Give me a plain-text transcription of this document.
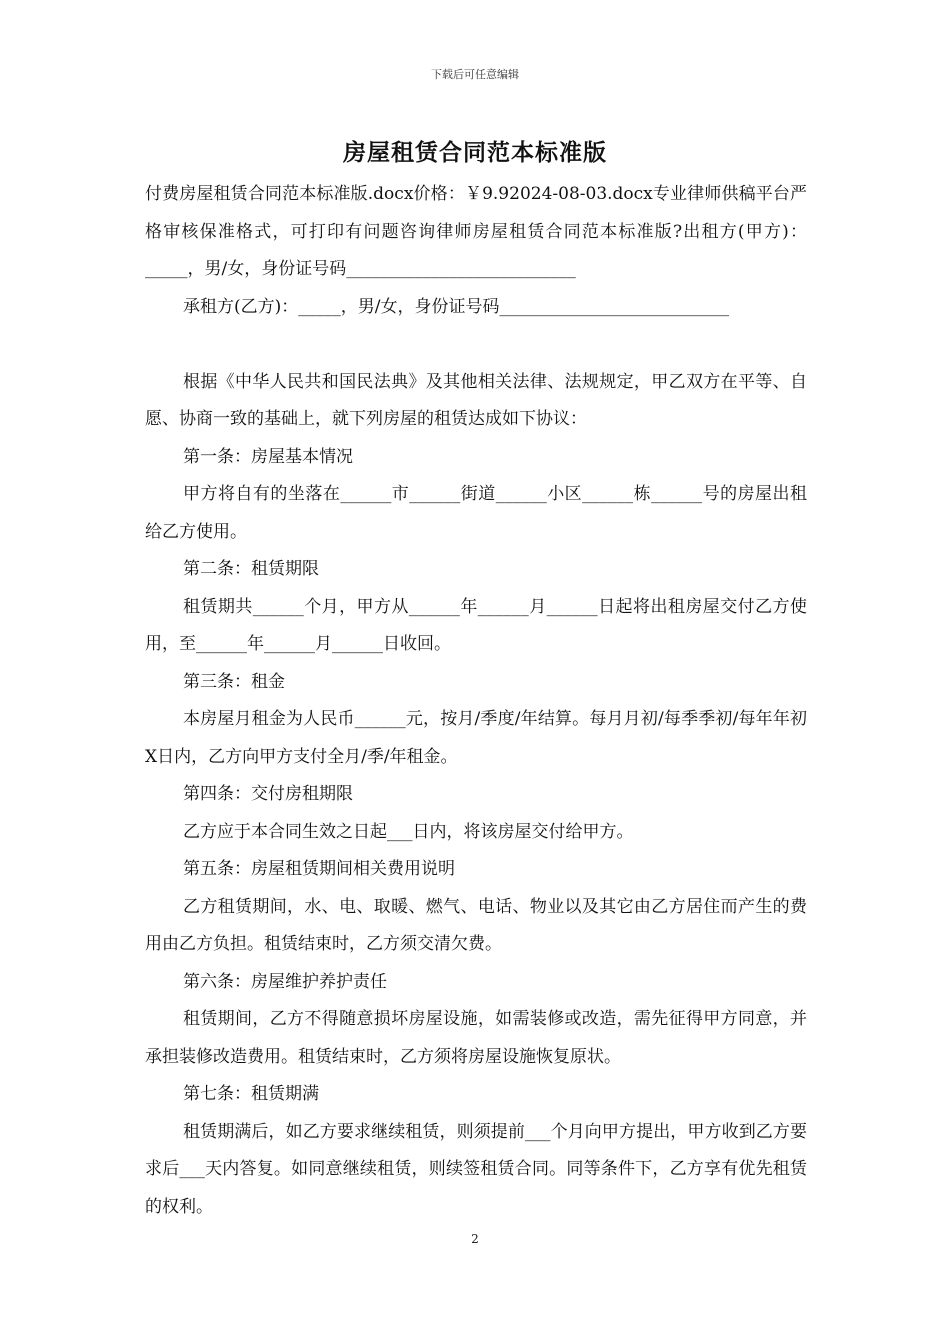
下载后可任意编辑
房屋租赁合同范本标准版

付费房屋租赁合同范本标准版.docx价格：￥9.92024-08-03.docx专业律师供稿平台严格审核保准格式，可打印有问题咨询律师房屋租赁合同范本标准版?出租方(甲方)：_____，男/女，身份证号码___________________________

承租方(乙方)：_____，男/女，身份证号码___________________________

根据《中华人民共和国民法典》及其他相关法律、法规规定，甲乙双方在平等、自愿、协商一致的基础上，就下列房屋的租赁达成如下协议：

第一条：房屋基本情况

甲方将自有的坐落在______市______街道______小区______栋______号的房屋出租给乙方使用。

第二条：租赁期限

租赁期共______个月，甲方从______年______月______日起将出租房屋交付乙方使用，至______年______月______日收回。

第三条：租金

本房屋月租金为人民币______元，按月/季度/年结算。每月月初/每季季初/每年年初X日内，乙方向甲方支付全月/季/年租金。

第四条：交付房租期限

乙方应于本合同生效之日起___日内，将该房屋交付给甲方。

第五条：房屋租赁期间相关费用说明

乙方租赁期间，水、电、取暖、燃气、电话、物业以及其它由乙方居住而产生的费用由乙方负担。租赁结束时，乙方须交清欠费。

第六条：房屋维护养护责任

租赁期间，乙方不得随意损坏房屋设施，如需装修或改造，需先征得甲方同意，并承担装修改造费用。租赁结束时，乙方须将房屋设施恢复原状。

第七条：租赁期满

租赁期满后，如乙方要求继续租赁，则须提前___个月向甲方提出，甲方收到乙方要求后___天内答复。如同意继续租赁，则续签租赁合同。同等条件下，乙方享有优先租赁的权利。

2
